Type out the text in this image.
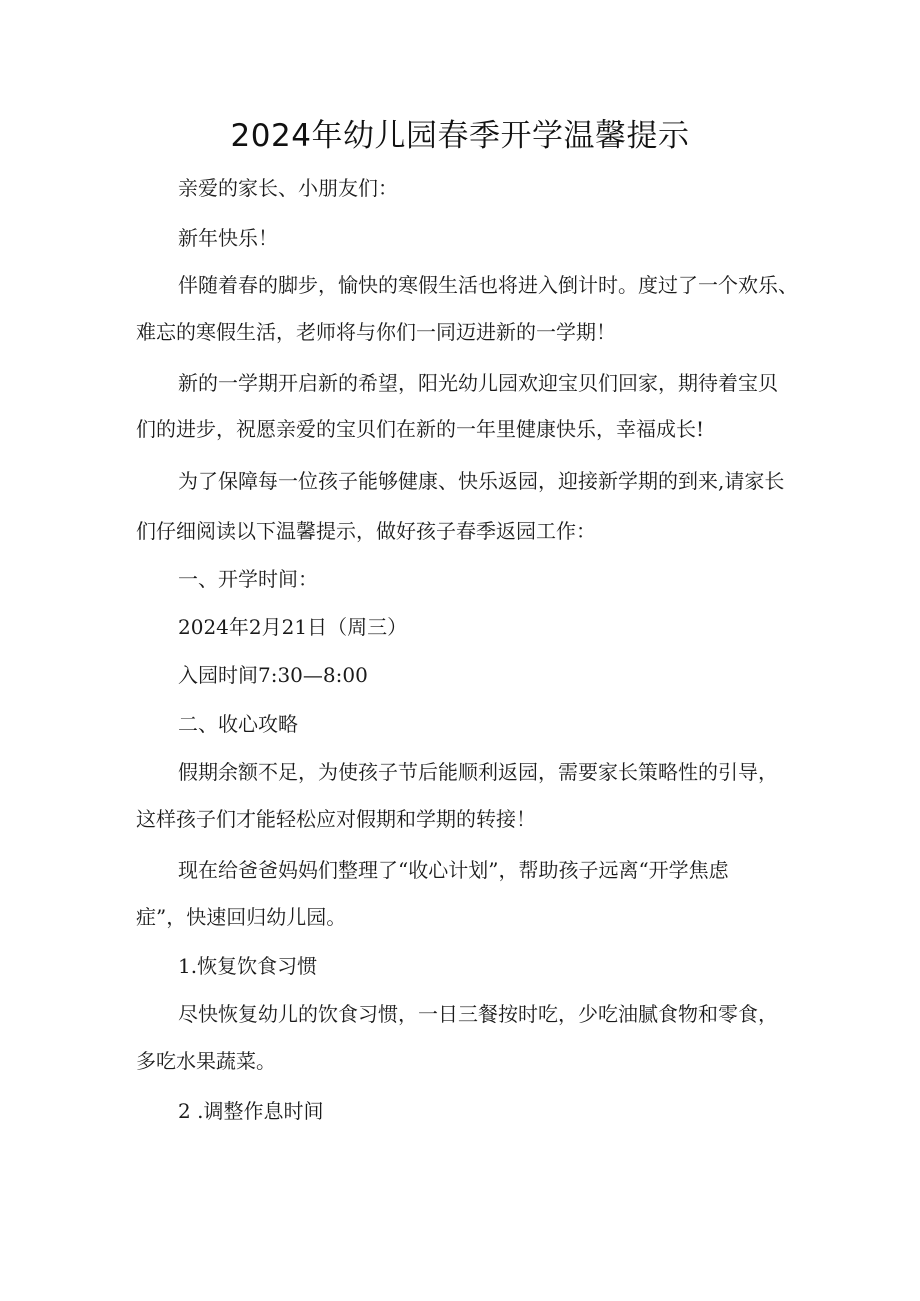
2024年幼儿园春季开学温馨提示
亲爱的家长、小朋友们：
新年快乐！
伴随着春的脚步，愉快的寒假生活也将进入倒计时。度过了一个欢乐、
难忘的寒假生活，老师将与你们一同迈进新的一学期！
新的一学期开启新的希望，阳光幼儿园欢迎宝贝们回家，期待着宝贝
们的进步，祝愿亲爱的宝贝们在新的一年里健康快乐，幸福成长!
为了保障每一位孩子能够健康、快乐返园，迎接新学期的到来,请家长
们仔细阅读以下温馨提示，做好孩子春季返园工作：
一、开学时间：
2024年2月21日（周三）
入园时间7:30—8:00
二、收心攻略
假期余额不足，为使孩子节后能顺利返园，需要家长策略性的引导，
这样孩子们才能轻松应对假期和学期的转接！
现在给爸爸妈妈们整理了“收心计划”，帮助孩子远离“开学焦虑
症”，快速回归幼儿园。
1.恢复饮食习惯
尽快恢复幼儿的饮食习惯，一日三餐按时吃，少吃油腻食物和零食，
多吃水果蔬菜。
2 .调整作息时间
